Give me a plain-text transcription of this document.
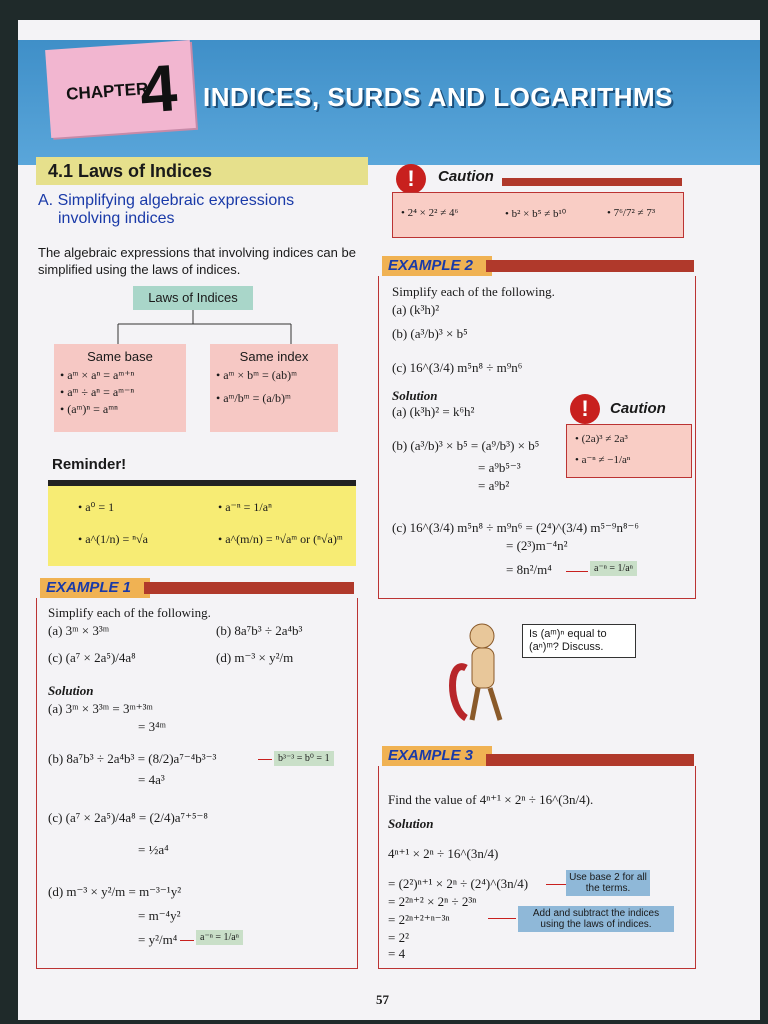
CHAPTER
4 INDICES, SURDS AND LOGARITHMS
4.1 Laws of Indices
A. Simplifying algebraic expressions
involving indices
The algebraic expressions that involving indices can be simplified using the laws of indices.
Laws of Indices
Same base
• aᵐ × aⁿ = aᵐ⁺ⁿ
• aᵐ ÷ aⁿ = aᵐ⁻ⁿ
• (aᵐ)ⁿ = aᵐⁿ
Same index
• aᵐ × bᵐ = (ab)ᵐ
• aᵐ/bᵐ = (a/b)ᵐ
Reminder!
• a⁰ = 1	• a⁻ⁿ = 1/aⁿ
• a^(1/n) = ⁿ√a	• a^(m/n) = ⁿ√aᵐ or (ⁿ√a)ᵐ
EXAMPLE 1
Simplify each of the following.
(a) 3ᵐ × 3³ᵐ	(b) 8a⁷b³ ÷ 2a⁴b³
(c) (a⁷ × 2a⁵)/4a⁸	(d) m⁻³ × y²/m
Solution
(a) 3ᵐ × 3³ᵐ = 3ᵐ⁺³ᵐ
= 3⁴ᵐ
(b) 8a⁷b³ ÷ 2a⁴b³ = (8/2)a⁷⁻⁴b³⁻³	b³⁻³ = b⁰ = 1
= 4a³
(c) (a⁷ × 2a⁵)/4a⁸ = (2/4)a⁷⁺⁵⁻⁸
= ½a⁴
(d) m⁻³ × y²/m = m⁻³⁻¹y²
= m⁻⁴y²
= y²/m⁴	a⁻ⁿ = 1/aⁿ
!	Caution
• 2⁴ × 2² ≠ 4⁶	• b² × b⁵ ≠ b¹⁰	• 7⁶/7² ≠ 7³
EXAMPLE 2
Simplify each of the following.
(a) (k³h)²
(b) (a³/b)³ × b⁵
(c) 16^(3/4) m⁵n⁸ ÷ m⁹n⁶
Solution
(a) (k³h)² = k⁶h²
(b) (a³/b)³ × b⁵ = (a⁹/b³) × b⁵
= a⁹b⁵⁻³
= a⁹b²
(c) 16^(3/4) m⁵n⁸ ÷ m⁹n⁶ = (2⁴)^(3/4) m⁵⁻⁹n⁸⁻⁶
= (2³)m⁻⁴n²
= 8n²/m⁴	a⁻ⁿ = 1/aⁿ
!	Caution
• (2a)³ ≠ 2a³
• a⁻ⁿ ≠ −1/aⁿ
Is (aᵐ)ⁿ equal to (aⁿ)ᵐ? Discuss.
EXAMPLE 3
Find the value of 4ⁿ⁺¹ × 2ⁿ ÷ 16^(3n/4).
Solution
4ⁿ⁺¹ × 2ⁿ ÷ 16^(3n/4)
= (2²)ⁿ⁺¹ × 2ⁿ ÷ (2⁴)^(3n/4)
= 2²ⁿ⁺² × 2ⁿ ÷ 2³ⁿ
= 2²ⁿ⁺²⁺ⁿ⁻³ⁿ
= 2²
= 4
Use base 2 for all the terms.
Add and subtract the indices using the laws of indices.
57
